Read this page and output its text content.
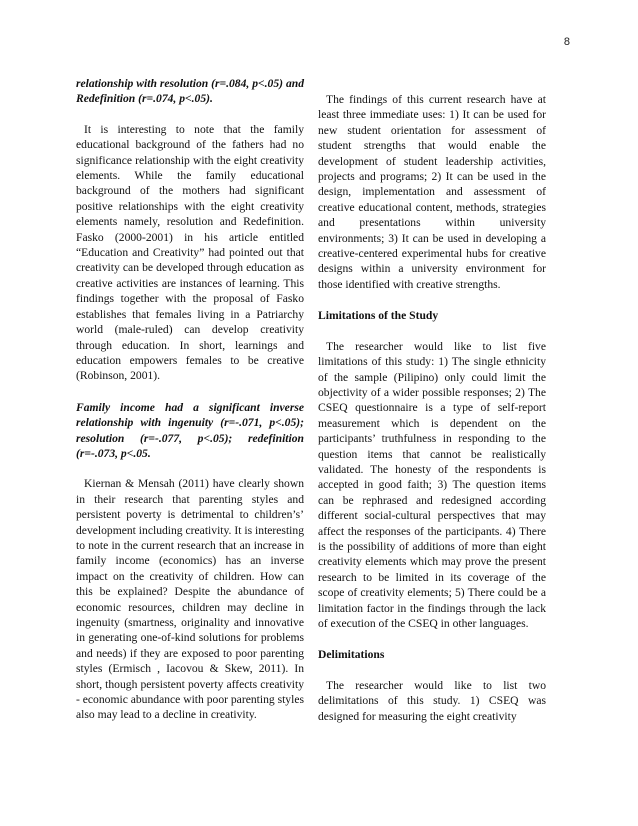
8

relationship with resolution (r=.084, p<.05) and Redefinition (r=.074, p<.05).

It is interesting to note that the family educational background of the fathers had no significance relationship with the eight creativity elements. While the family educational background of the mothers had significant positive relationships with the eight creativity elements namely, resolution and Redefinition. Fasko (2000-2001) in his article entitled “Education and Creativity” had pointed out that creativity can be developed through education as creative activities are instances of learning. This findings together with the proposal of Fasko establishes that females living in a Patriarchy world (male-ruled) can develop creativity through education. In short, learnings and education empowers females to be creative (Robinson, 2001).

Family income had a significant inverse relationship with ingenuity (r=-.071, p<.05); resolution (r=-.077, p<.05); redefinition (r=-.073, p<.05.

Kiernan & Mensah (2011) have clearly shown in their research that parenting styles and persistent poverty is detrimental to children’s’ development including creativity. It is interesting to note in the current research that an increase in family income (economics) has an inverse impact on the creativity of children. How can this be explained? Despite the abundance of economic resources, children may decline in ingenuity (smartness, originality and innovative in generating one-of-kind solutions for problems and needs) if they are exposed to poor parenting styles (Ermisch , Iacovou & Skew, 2011). In short, though persistent poverty affects creativity - economic abundance with poor parenting styles also may lead to a decline in creativity.

The findings of this current research have at least three immediate uses: 1) It can be used for new student orientation for assessment of student strengths that would enable the development of student leadership activities, projects and programs; 2) It can be used in the design, implementation and assessment of creative educational content, methods, strategies and presentations within university environments; 3) It can be used in developing a creative-centered experimental hubs for creative designs within a university environment for those identified with creative strengths.

Limitations of the Study

The researcher would like to list five limitations of this study: 1) The single ethnicity of the sample (Pilipino) only could limit the objectivity of a wider possible responses; 2) The CSEQ questionnaire is a type of self-report measurement which is dependent on the participants’ truthfulness in responding to the question items that cannot be realistically validated. The honesty of the respondents is accepted in good faith; 3) The question items can be rephrased and redesigned according different social-cultural perspectives that may affect the responses of the participants. 4) There is the possibility of additions of more than eight creativity elements which may prove the present research to be limited in its coverage of the scope of creativity elements; 5) There could be a limitation factor in the findings through the lack of execution of the CSEQ in other languages.

Delimitations

The researcher would like to list two delimitations of this study. 1) CSEQ was designed for measuring the eight creativity
